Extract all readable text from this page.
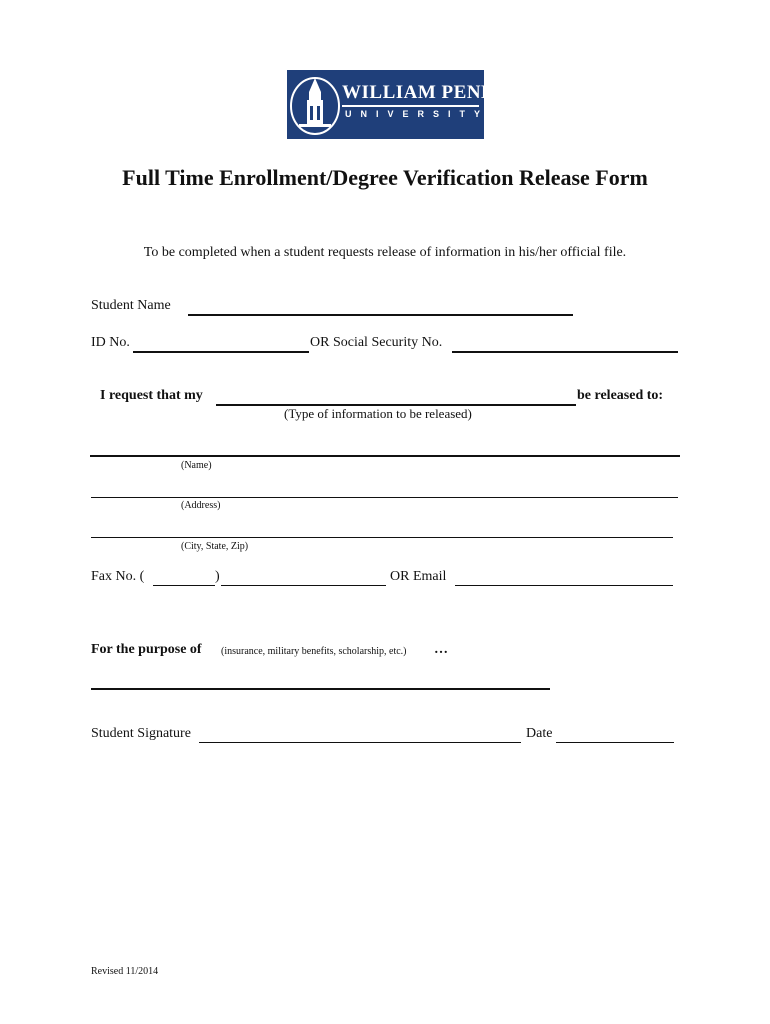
WILLIAM PENN
UNIVERSITY
Full Time Enrollment/Degree Verification Release Form
To be completed when a student requests release of information in his/her official file.
Student Name
ID No.	OR Social Security No.
I request that my	be released to:
(Type of information to be released)
(Name)
(Address)
(City, State, Zip)
Fax No. (	)	OR Email
For the purpose of (insurance, military benefits, scholarship, etc.) …
Student Signature	Date
Revised 11/2014
